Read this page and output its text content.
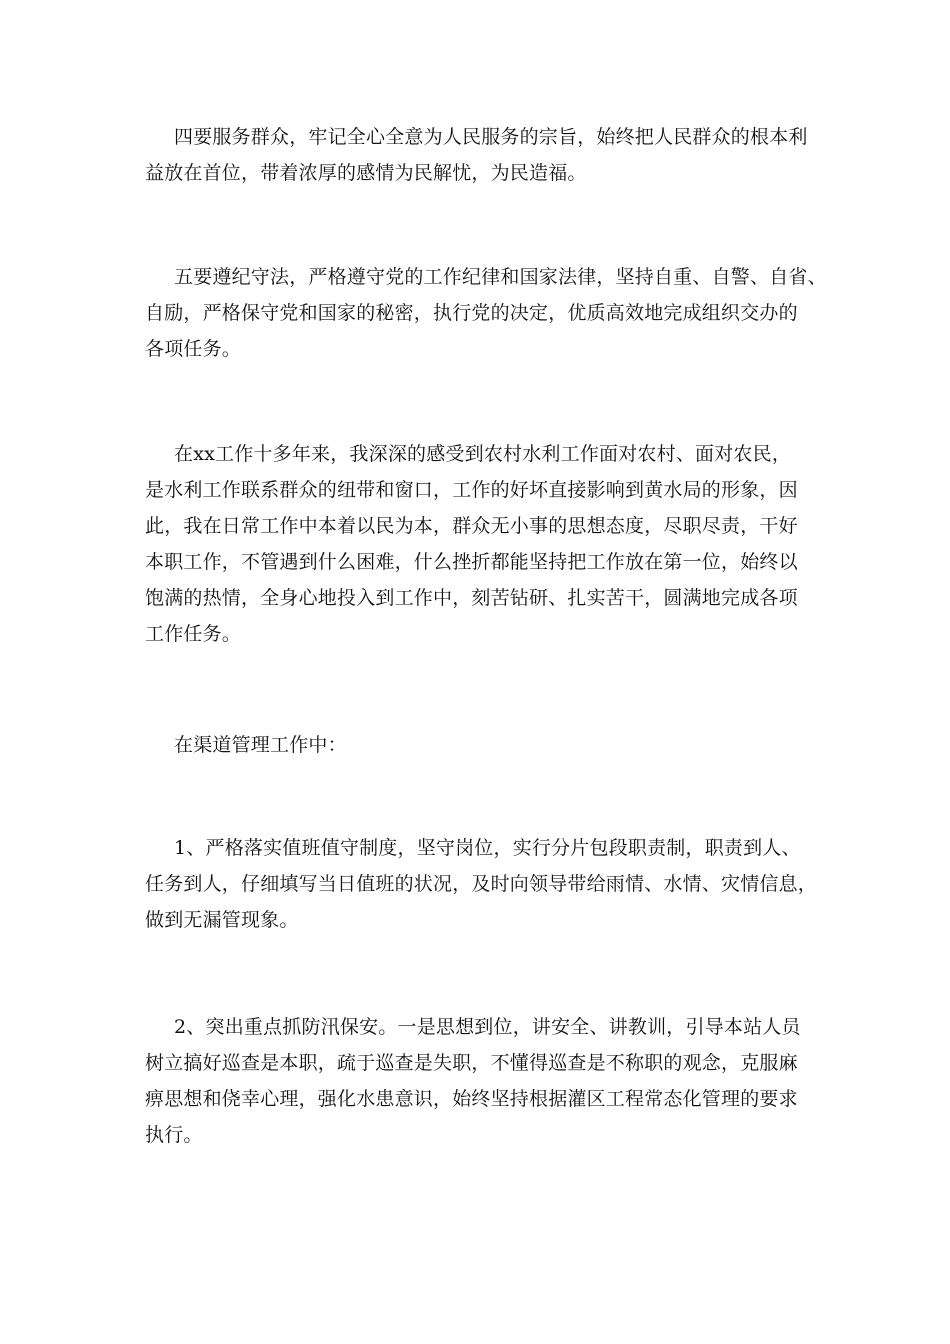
四要服务群众，牢记全心全意为人民服务的宗旨，始终把人民群众的根本利
益放在首位，带着浓厚的感情为民解忧，为民造福。
五要遵纪守法，严格遵守党的工作纪律和国家法律，坚持自重、自警、自省、
自励，严格保守党和国家的秘密，执行党的决定，优质高效地完成组织交办的
各项任务。
在xx工作十多年来，我深深的感受到农村水利工作面对农村、面对农民，
是水利工作联系群众的纽带和窗口，工作的好坏直接影响到黄水局的形象，因
此，我在日常工作中本着以民为本，群众无小事的思想态度，尽职尽责，干好
本职工作，不管遇到什么困难，什么挫折都能坚持把工作放在第一位，始终以
饱满的热情，全身心地投入到工作中，刻苦钻研、扎实苦干，圆满地完成各项
工作任务。
在渠道管理工作中：
1、严格落实值班值守制度，坚守岗位，实行分片包段职责制，职责到人、
任务到人，仔细填写当日值班的状况，及时向领导带给雨情、水情、灾情信息，
做到无漏管现象。
2、突出重点抓防汛保安。一是思想到位，讲安全、讲教训，引导本站人员
树立搞好巡查是本职，疏于巡查是失职，不懂得巡查是不称职的观念，克服麻
痹思想和侥幸心理，强化水患意识，始终坚持根据灌区工程常态化管理的要求
执行。
